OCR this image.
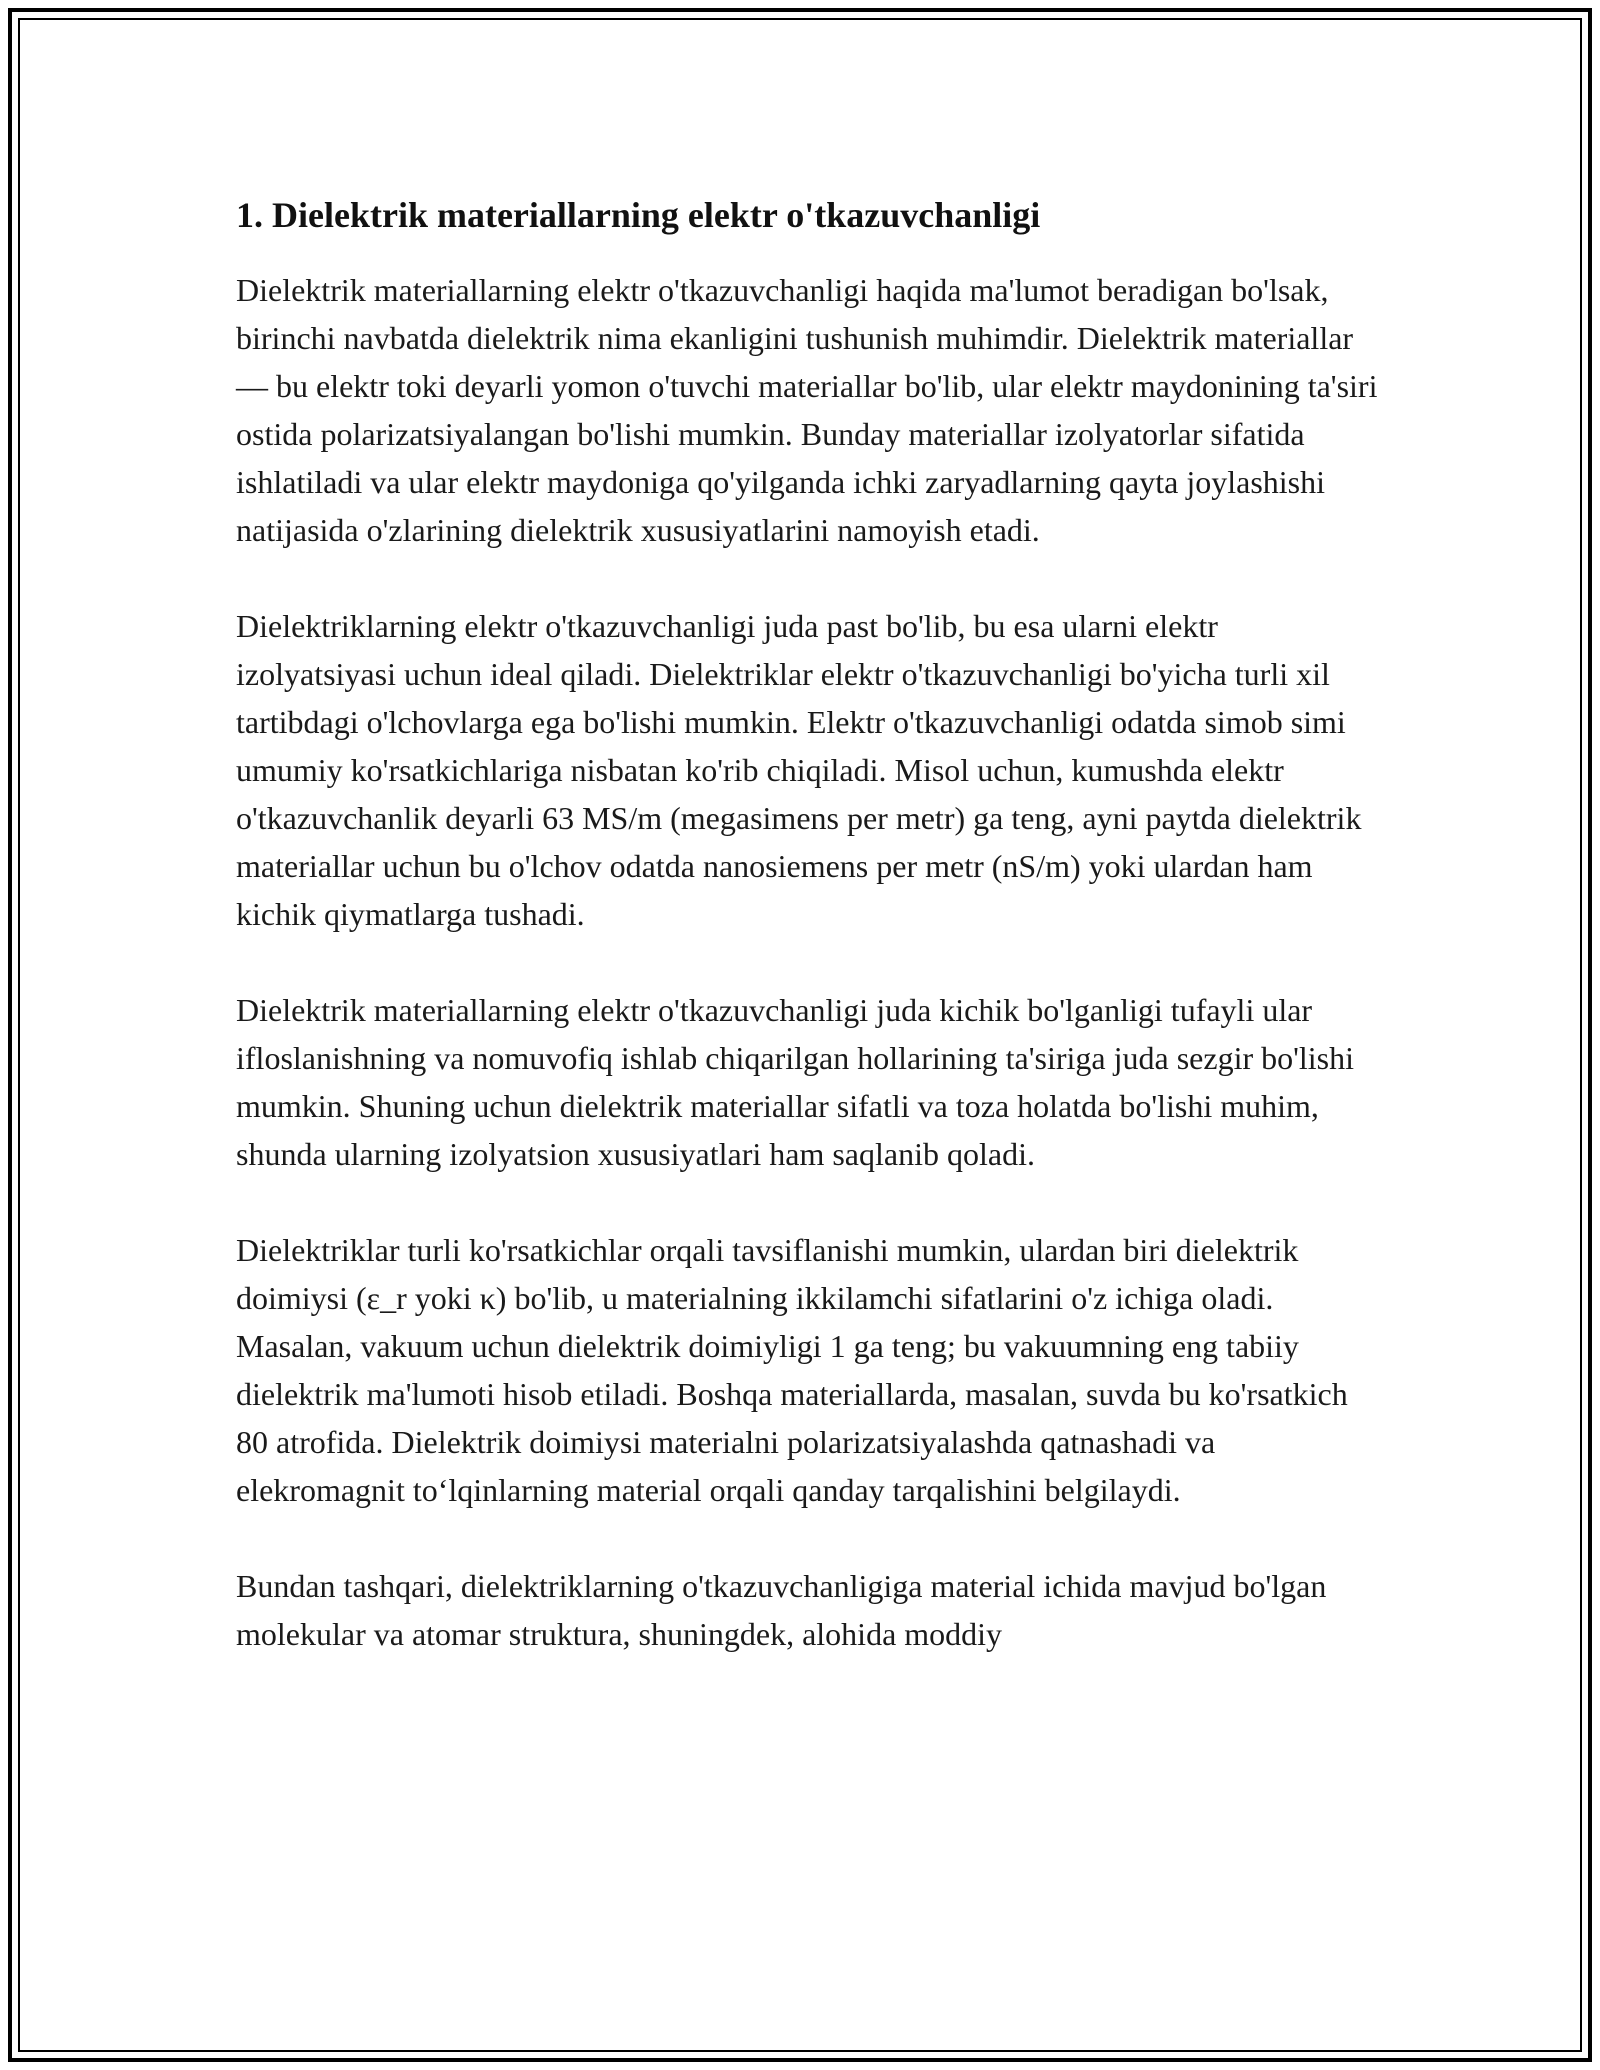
1. Dielektrik materiallarning elektr o'tkazuvchanligi

Dielektrik materiallarning elektr o'tkazuvchanligi haqida ma'lumot beradigan bo'lsak, birinchi navbatda dielektrik nima ekanligini tushunish muhimdir. Dielektrik materiallar — bu elektr toki deyarli yomon o'tuvchi materiallar bo'lib, ular elektr maydonining ta'siri ostida polarizatsiyalangan bo'lishi mumkin. Bunday materiallar izolyatorlar sifatida ishlatiladi va ular elektr maydoniga qo'yilganda ichki zaryadlarning qayta joylashishi natijasida o'zlarining dielektrik xususiyatlarini namoyish etadi.

Dielektriklarning elektr o'tkazuvchanligi juda past bo'lib, bu esa ularni elektr izolyatsiyasi uchun ideal qiladi. Dielektriklar elektr o'tkazuvchanligi bo'yicha turli xil tartibdagi o'lchovlarga ega bo'lishi mumkin. Elektr o'tkazuvchanligi odatda simob simi umumiy ko'rsatkichlariga nisbatan ko'rib chiqiladi. Misol uchun, kumushda elektr o'tkazuvchanlik deyarli 63 MS/m (megasimens per metr) ga teng, ayni paytda dielektrik materiallar uchun bu o'lchov odatda nanosiemens per metr (nS/m) yoki ulardan ham kichik qiymatlarga tushadi.

Dielektrik materiallarning elektr o'tkazuvchanligi juda kichik bo'lganligi tufayli ular ifloslanishning va nomuvofiq ishlab chiqarilgan hollarining ta'siriga juda sezgir bo'lishi mumkin. Shuning uchun dielektrik materiallar sifatli va toza holatda bo'lishi muhim, shunda ularning izolyatsion xususiyatlari ham saqlanib qoladi.

Dielektriklar turli ko'rsatkichlar orqali tavsiflanishi mumkin, ulardan biri dielektrik doimiysi (ε_r yoki κ) bo'lib, u materialning ikkilamchi sifatlarini o'z ichiga oladi. Masalan, vakuum uchun dielektrik doimiyligi 1 ga teng; bu vakuumning eng tabiiy dielektrik ma'lumoti hisob etiladi. Boshqa materiallarda, masalan, suvda bu ko'rsatkich 80 atrofida. Dielektrik doimiysi materialni polarizatsiyalashda qatnashadi va elekromagnit to‘lqinlarning material orqali qanday tarqalishini belgilaydi.

Bundan tashqari, dielektriklarning o'tkazuvchanligiga material ichida mavjud bo'lgan molekular va atomar struktura, shuningdek, alohida moddiy
